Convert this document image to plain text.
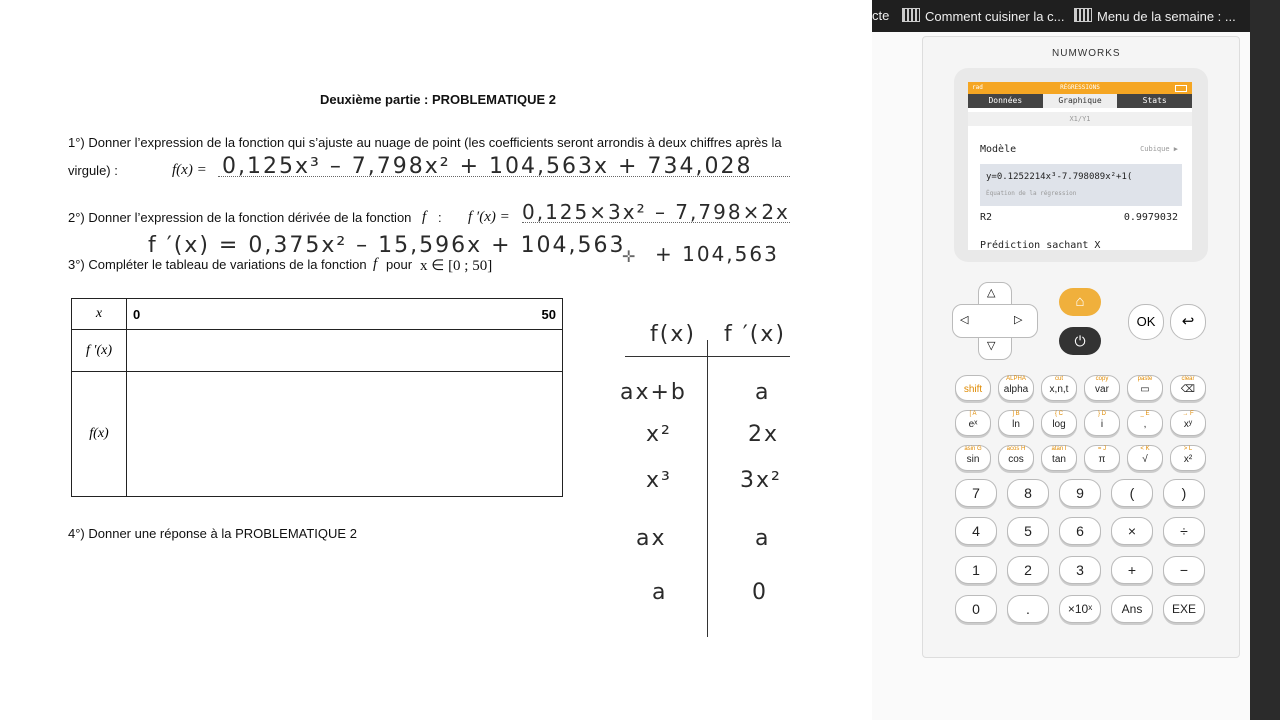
Deuxième partie : PROBLEMATIQUE 2
1°) Donner l’expression de la fonction qui s’ajuste au nuage de point (les coefficients seront arrondis à deux chiffres après la
virgule) :	f(x) = 0,125x³ – 7,798x² + 104,563x + 734,028
2°) Donner l’expression de la fonction dérivée de la fonction f : f ′(x) = 0,125×3x² – 7,798×2x
f ′(x) = 0,375x² – 15,596x + 104,563 + 104,563
✛
3°) Compléter le tableau de variations de la fonction f pour x ∈ [0 ; 50]
x	0 50

f ′(x)	
f(x)	
4°) Donner une réponse à la PROBLEMATIQUE 2
f(x) f ′(x)
ax+b	a
x²	2x
x³	3x²
ax	a
a	0
cte	Comment cuisiner la c...	Menu de la semaine : ...
NUMWORKS
rad	RÉGRESSIONS
Données	Graphique	Stats
X1/Y1
Modèle	Cubique ▶
y=0.1252214x³-7.798089x²+1(
Équation de la régression
R2	0.9979032
Prédiction sachant X
△
▽
◁	▷
⌂
⏻
OK	↩
shift
ALPHA
alpha
cut
x,n,t
copy
var
paste
▭
clear
⌫
[ A
eˣ
] B
ln
{ C
log
} D
i
_ E
,
→ F
xʸ
asin G
sin
acos H
cos
atan I
tan
= J
π
< K
√
> L
x²
7	8	9	(	)
4	5	6	×	÷
1	2	3	+	−
0	.	×10ˣ	Ans	EXE
